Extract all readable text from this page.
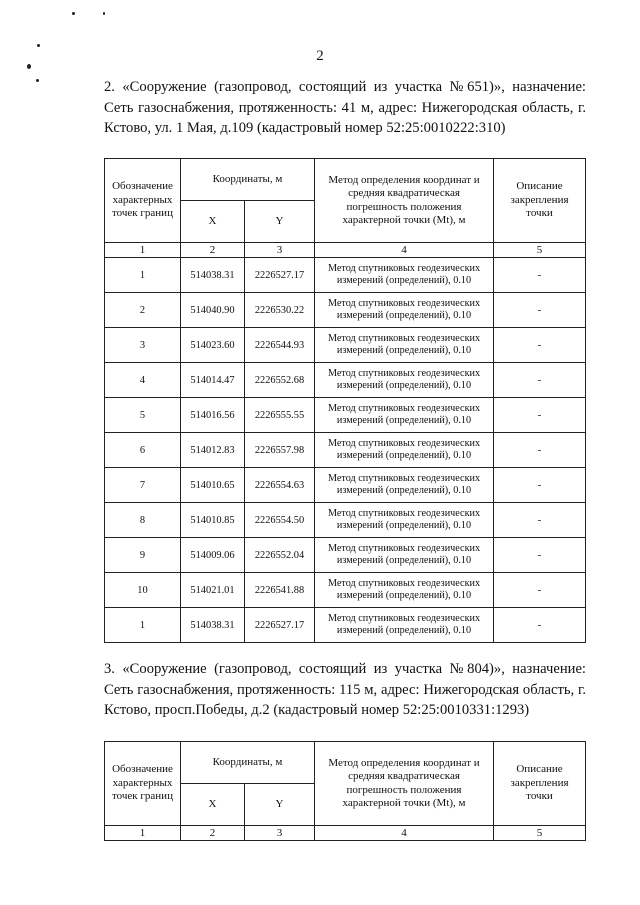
2
2. «Сооружение (газопровод, состоящий из участка №651)», назначение: Сеть газоснабжения, протяженность: 41 м, адрес: Нижегородская область, г. Кстово, ул. 1 Мая, д.109 (кадастровый номер 52:25:0010222:310)
Обозначение характерных точек границ	Координаты, м		Метод определения координат и средняя квадратическая погрешность положения характерной точки (Mt), м	Описание закрепления точки
	X	Y		
1	2	3	4	5
1	514038.31	2226527.17	Метод спутниковых геодезических измерений (определений), 0.10	-
2	514040.90	2226530.22	Метод спутниковых геодезических измерений (определений), 0.10	-
3	514023.60	2226544.93	Метод спутниковых геодезических измерений (определений), 0.10	-
4	514014.47	2226552.68	Метод спутниковых геодезических измерений (определений), 0.10	-
5	514016.56	2226555.55	Метод спутниковых геодезических измерений (определений), 0.10	-
6	514012.83	2226557.98	Метод спутниковых геодезических измерений (определений), 0.10	-
7	514010.65	2226554.63	Метод спутниковых геодезических измерений (определений), 0.10	-
8	514010.85	2226554.50	Метод спутниковых геодезических измерений (определений), 0.10	-
9	514009.06	2226552.04	Метод спутниковых геодезических измерений (определений), 0.10	-
10	514021.01	2226541.88	Метод спутниковых геодезических измерений (определений), 0.10	-
1	514038.31	2226527.17	Метод спутниковых геодезических измерений (определений), 0.10	-
3. «Сооружение (газопровод, состоящий из участка №804)», назначение: Сеть газоснабжения, протяженность: 115 м, адрес: Нижегородская область, г. Кстово, просп.Победы, д.2 (кадастровый номер 52:25:0010331:1293)
Обозначение характерных точек границ	Координаты, м		Метод определения координат и средняя квадратическая погрешность положения характерной точки (Mt), м	Описание закрепления точки
	X	Y		
1	2	3	4	5
